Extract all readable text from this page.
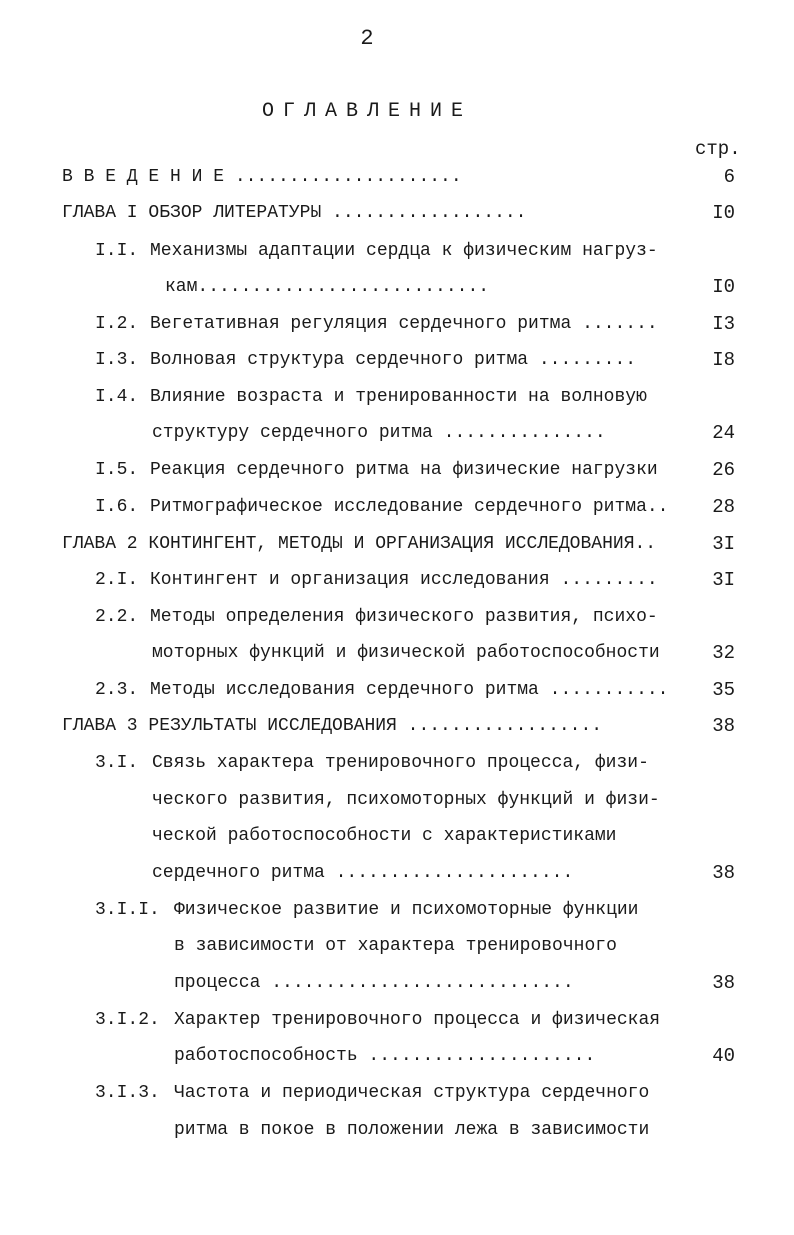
2
ОГЛАВЛЕНИЕ
стр.
В В Е Д Е Н И Е .....................	6
ГЛАВА I ОБЗОР ЛИТЕРАТУРЫ ..................	I0
I.I. Механизмы адаптации сердца к физическим нагруз-
кам...........................	I0
I.2. Вегетативная регуляция сердечного ритма .......	I3
I.3. Волновая структура сердечного ритма .........	I8
I.4. Влияние возраста и тренированности на волновую
структуру сердечного ритма ...............	24
I.5. Реакция сердечного ритма на физические нагрузки	26
I.6. Ритмографическое исследование сердечного ритма..	28
ГЛАВА 2 КОНТИНГЕНТ, МЕТОДЫ И ОРГАНИЗАЦИЯ ИССЛЕДОВАНИЯ..	3I
2.I. Контингент и организация исследования .........	3I
2.2. Методы определения физического развития, психо-
моторных функций и физической работоспособности	32
2.3. Методы исследования сердечного ритма ...........	35
ГЛАВА 3 РЕЗУЛЬТАТЫ ИССЛЕДОВАНИЯ ..................	38
3.I. Связь характера тренировочного процесса, физи-
ческого развития, психомоторных функций и физи-
ческой работоспособности с характеристиками
сердечного ритма ......................	38
3.I.I. Физическое развитие и психомоторные функции
в зависимости от характера тренировочного
процесса ............................	38
3.I.2. Характер тренировочного процесса и физическая
работоспособность .....................	40
3.I.3. Частота и периодическая структура сердечного
ритма в покое в положении лежа в зависимости
